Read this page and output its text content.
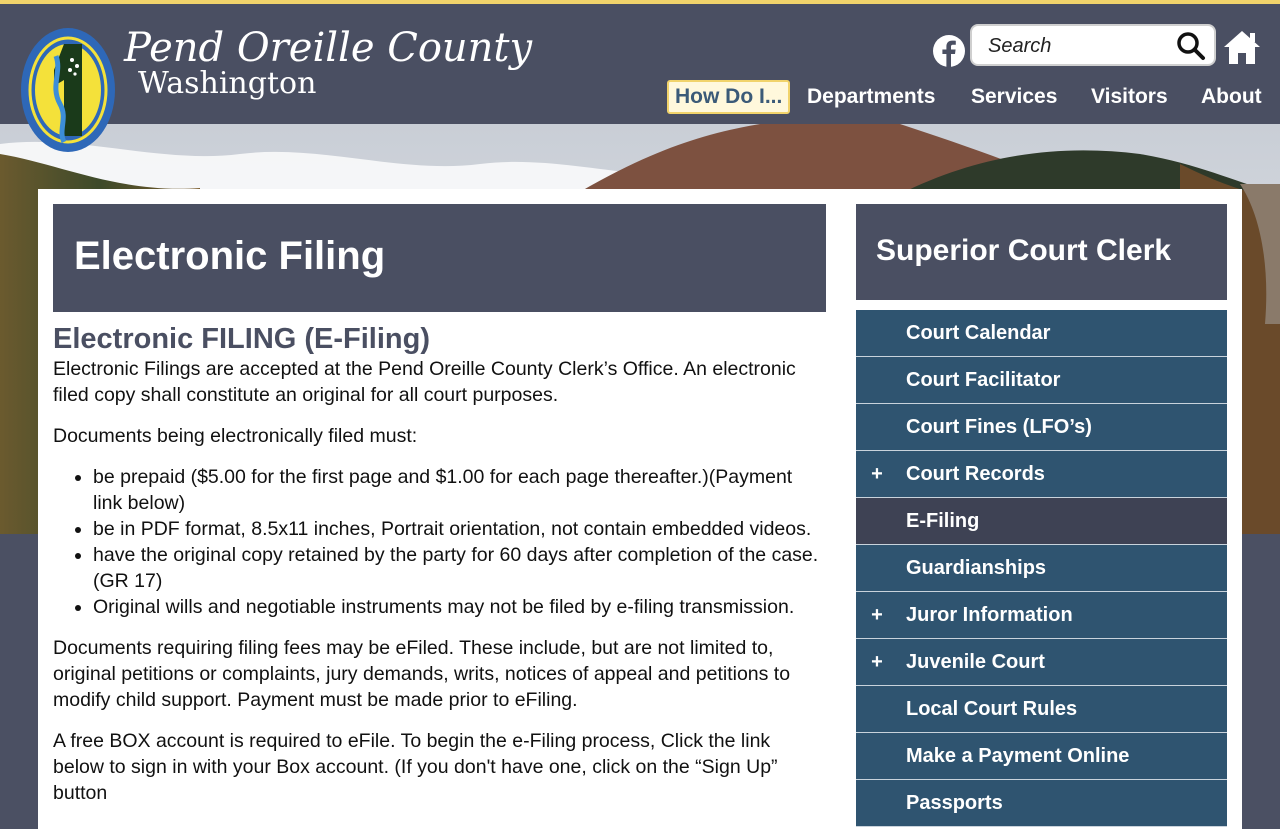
Pend Oreille County
Washington
Search	How Do I...	Departments Services Visitors About
Electronic Filing
Electronic FILING (E-Filing)

Electronic Filings are accepted at the Pend Oreille County Clerk’s Office. An electronic filed copy shall constitute an original for all court purposes.

Documents being electronically filed must:

• be prepaid ($5.00 for the first page and $1.00 for each page thereafter.)(Payment link below)
• be in PDF format, 8.5x11 inches, Portrait orientation, not contain embedded videos.
• have the original copy retained by the party for 60 days after completion of the case. (GR 17)
• Original wills and negotiable instruments may not be filed by e-filing transmission.

Documents requiring filing fees may be eFiled. These include, but are not limited to, original petitions or complaints, jury demands, writs, notices of appeal and petitions to modify child support. Payment must be made prior to eFiling.

A free BOX account is required to eFile. To begin the e-Filing process, Click the link below to sign in with your Box account. (If you don't have one, click on the “Sign Up” button

Superior Court Clerk
Court Calendar
Court Facilitator
Court Fines (LFO’s)
+ Court Records
E-Filing
Guardianships
+ Juror Information
+ Juvenile Court
Local Court Rules
Make a Payment Online
Passports
